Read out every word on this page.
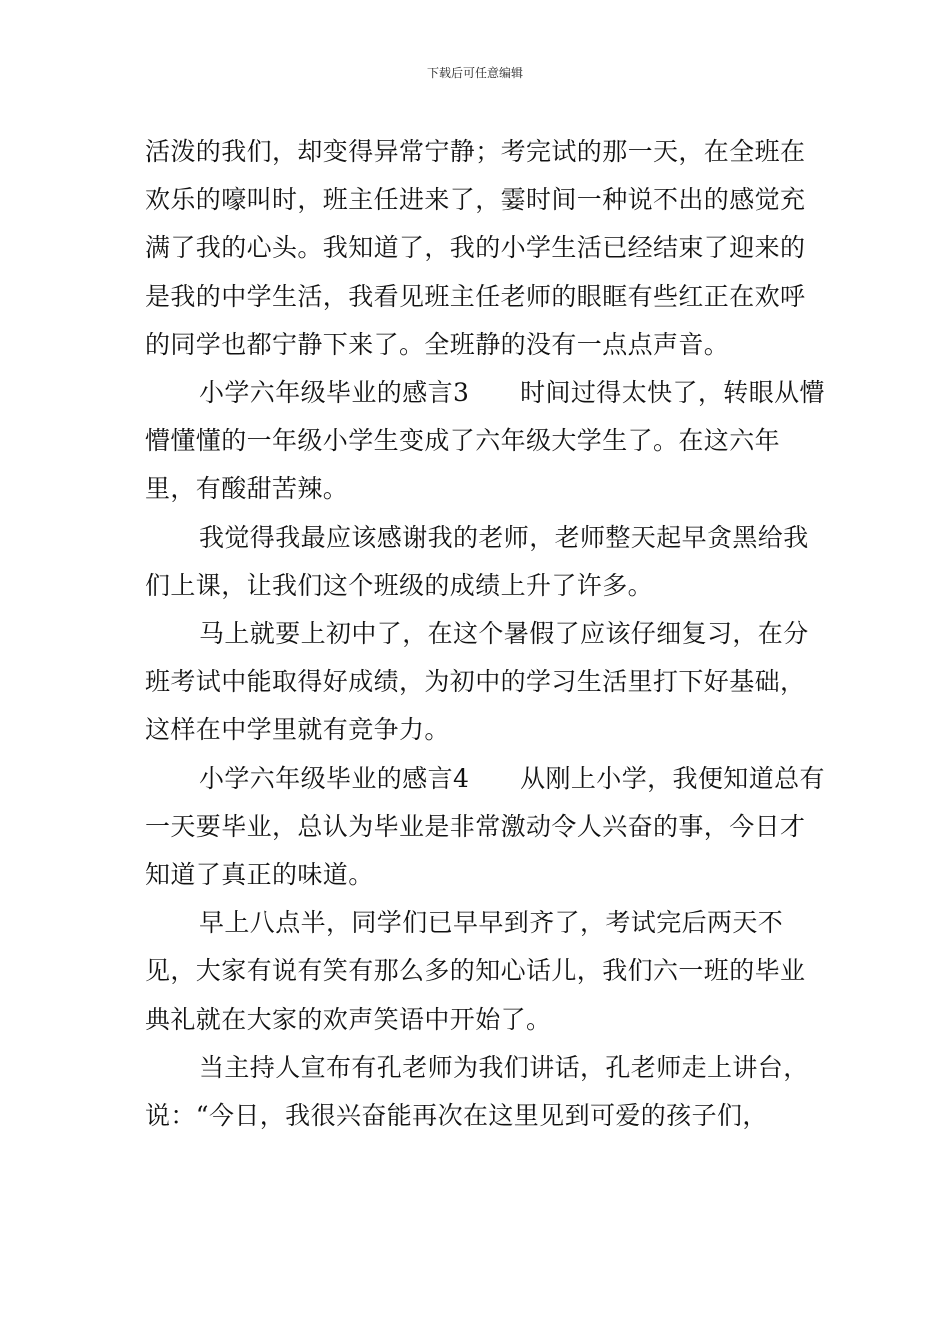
下载后可任意编辑

活泼的我们，却变得异常宁静；考完试的那一天，在全班在欢乐的嚎叫时，班主任进来了，霎时间一种说不出的感觉充满了我的心头。我知道了，我的小学生活已经结束了迎来的是我的中学生活，我看见班主任老师的眼眶有些红正在欢呼的同学也都宁静下来了。全班静的没有一点点声音。

小学六年级毕业的感言3　　时间过得太快了，转眼从懵懵懂懂的一年级小学生变成了六年级大学生了。在这六年里，有酸甜苦辣。

我觉得我最应该感谢我的老师，老师整天起早贪黑给我们上课，让我们这个班级的成绩上升了许多。

马上就要上初中了，在这个暑假了应该仔细复习，在分班考试中能取得好成绩，为初中的学习生活里打下好基础，这样在中学里就有竞争力。

小学六年级毕业的感言4　　从刚上小学，我便知道总有一天要毕业，总认为毕业是非常激动令人兴奋的事，今日才知道了真正的味道。

早上八点半，同学们已早早到齐了，考试完后两天不见，大家有说有笑有那么多的知心话儿，我们六一班的毕业典礼就在大家的欢声笑语中开始了。

当主持人宣布有孔老师为我们讲话，孔老师走上讲台，说：“今日，我很兴奋能再次在这里见到可爱的孩子们，
